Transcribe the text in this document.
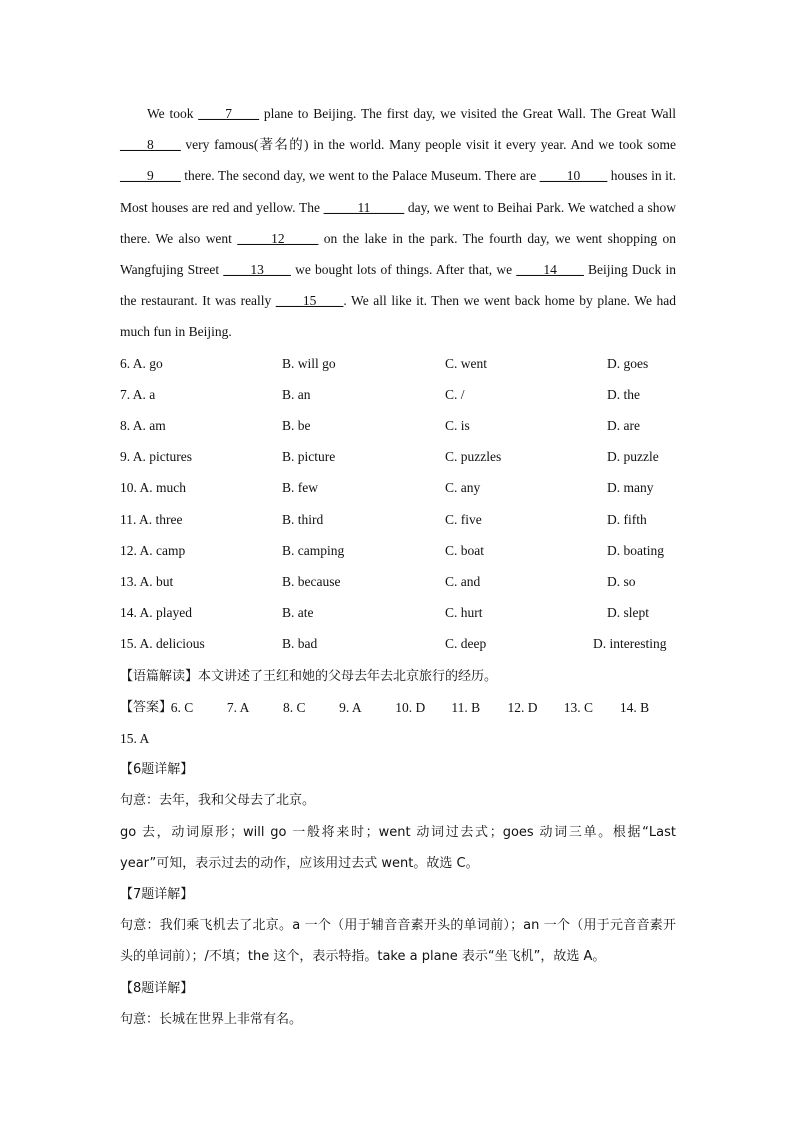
We took ____7____ plane to Beijing. The first day, we visited the Great Wall. The Great Wall ____8____ very famous(著名的) in the world. Many people visit it every year. And we took some ____9____ there. The second day, we went to the Palace Museum. There are ____10____ houses in it. Most houses are red and yellow. The _____11_____ day, we went to Beihai Park. We watched a show there. We also went _____12_____ on the lake in the park. The fourth day, we went shopping on Wangfujing Street ____13____ we bought lots of things. After that, we ____14____ Beijing Duck in the restaurant. It was really ____15____. We all like it. Then we went back home by plane. We had much fun in Beijing.

6. A. go	B. will go	C. went	D. goes
7. A. a	B. an	C. /	D. the
8. A. am	B. be	C. is	D. are
9. A. pictures	B. picture	C. puzzles	D. puzzle
10. A. much	B. few	C. any	D. many
11. A. three	B. third	C. five	D. fifth
12. A. camp	B. camping	C. boat	D. boating
13. A. but	B. because	C. and	D. so
14. A. played	B. ate	C. hurt	D. slept
15. A. delicious	B. bad	C. deep	D. interesting

【语篇解读】本文讲述了王红和她的父母去年去北京旅行的经历。

【答案】
6. C	7. A	8. C	9. A	10. D	11. B	12. D	13. C	14. B

15. A

【6题详解】

句意：去年，我和父母去了北京。

go 去，动词原形；will go 一般将来时；went 动词过去式；goes 动词三单。根据“Last year”可知，表示过去的动作，应该用过去式 went。故选 C。

【7题详解】

句意：我们乘飞机去了北京。a 一个（用于辅音音素开头的单词前）；an 一个（用于元音音素开头的单词前）；/不填；the 这个，表示特指。take a plane 表示“坐飞机”，故选 A。

【8题详解】

句意：长城在世界上非常有名。
